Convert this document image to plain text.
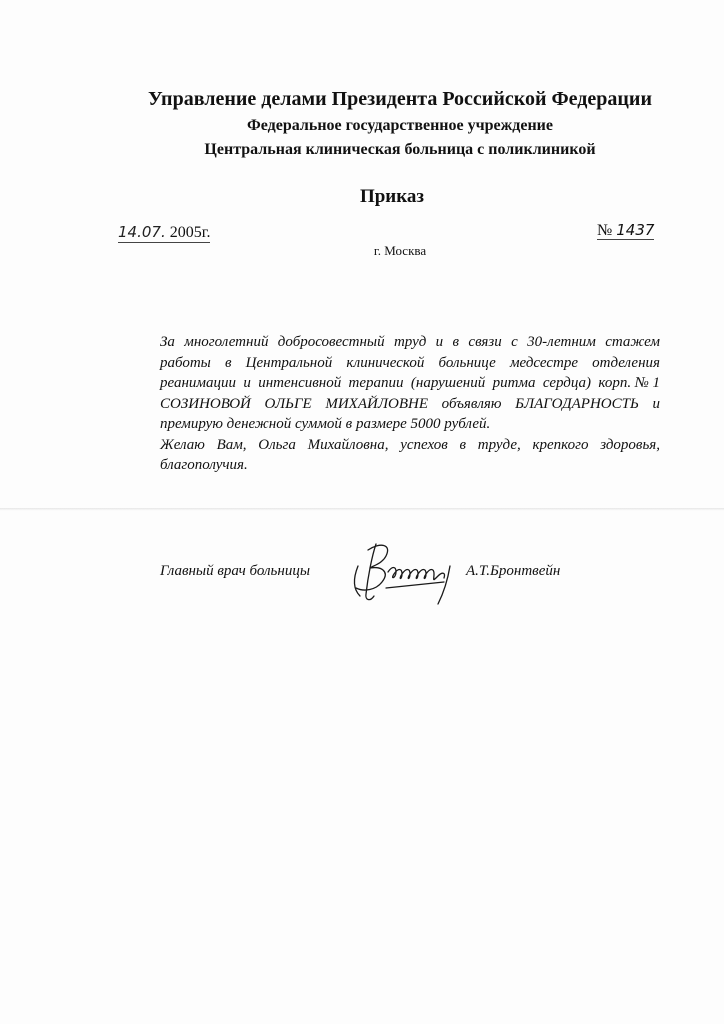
Управление делами Президента Российской Федерации
Федеральное государственное учреждение
Центральная клиническая больница с поликлиникой
Приказ
14.07. 2005г.	№ 1437
г. Москва

За многолетний добросовестный труд и в связи с 30-летним стажем работы в Центральной клинической больнице медсестре отделения реанимации и интенсивной терапии (нарушений ритма сердца) корп.№1 СОЗИНОВОЙ ОЛЬГЕ МИХАЙЛОВНЕ объявляю БЛАГОДАРНОСТЬ и премирую денежной суммой в размере 5000 рублей.

Желаю Вам, Ольга Михайловна, успехов в труде, крепкого здоровья, благополучия.

Главный врач больницы	А.Т.Бронтвейн
